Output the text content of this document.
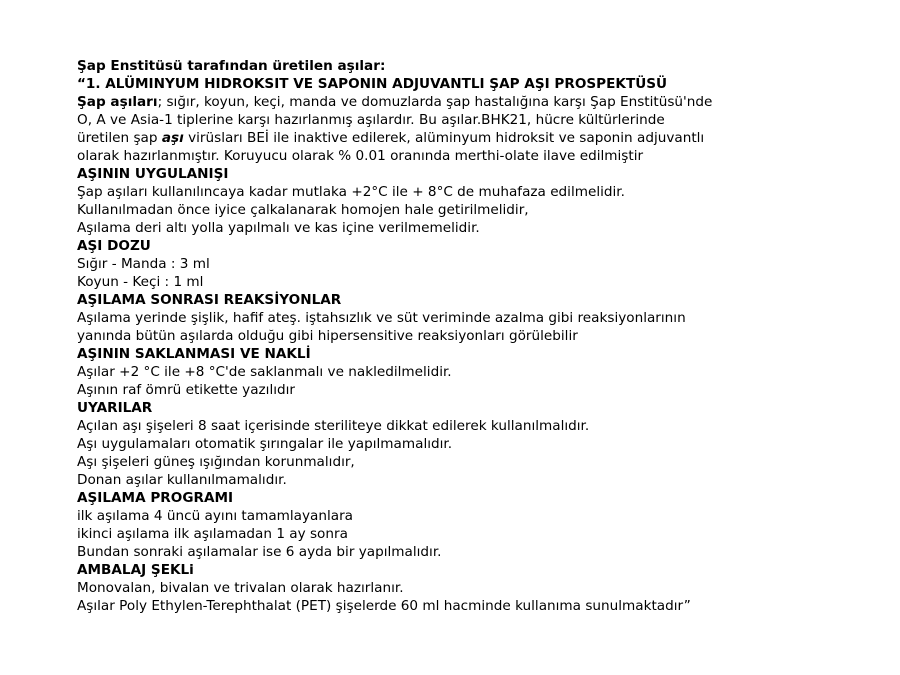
Şap Enstitüsü tarafından üretilen aşılar:
“1. ALÜMINYUM HIDROKSIT VE SAPONIN ADJUVANTLI ŞAP AŞI PROSPEKTÜSÜ
Şap aşıları; sığır, koyun, keçi, manda ve domuzlarda şap hastalığına karşı Şap Enstitüsü'nde
O, A ve Asia-1 tiplerine karşı hazırlanmış aşılardır. Bu aşılar.BHK21, hücre kültürlerinde
üretilen şap aşı virüsları BEİ ile inaktive edilerek, alüminyum hidroksit ve saponin adjuvantlı
olarak hazırlanmıştır. Koruyucu olarak % 0.01 oranında merthi-olate ilave edilmiştir
AŞININ UYGULANIŞI
Şap aşıları kullanılıncaya kadar mutlaka +2°C ile + 8°C de muhafaza edilmelidir.
Kullanılmadan önce iyice çalkalanarak homojen hale getirilmelidir,
Aşılama deri altı yolla yapılmalı ve kas içine verilmemelidir.
AŞI DOZU
Sığır - Manda : 3 ml
Koyun - Keçi : 1 ml
AŞILAMA SONRASI REAKSİYONLAR
Aşılama yerinde şişlik, hafif ateş. iştahsızlık ve süt veriminde azalma gibi reaksiyonlarının
yanında bütün aşılarda olduğu gibi hipersensitive reaksiyonları görülebilir
AŞININ SAKLANMASI VE NAKLİ
Aşılar +2 °C ile +8 °C'de saklanmalı ve nakledilmelidir.
Aşının raf ömrü etikette yazılıdır
UYARILAR
Açılan aşı şişeleri 8 saat içerisinde steriliteye dikkat edilerek kullanılmalıdır.
Aşı uygulamaları otomatik şırıngalar ile yapılmamalıdır.
Aşı şişeleri güneş ışığından korunmalıdır,
Donan aşılar kullanılmamalıdır.
AŞILAMA PROGRAMI
ilk aşılama 4 üncü ayını tamamlayanlara
ikinci aşılama ilk aşılamadan 1 ay sonra
Bundan sonraki aşılamalar ise 6 ayda bir yapılmalıdır.
AMBALAJ ŞEKLi
Monovalan, bivalan ve trivalan olarak hazırlanır.
Aşılar Poly Ethylen-Terephthalat (PET) şişelerde 60 ml hacminde kullanıma sunulmaktadır”
